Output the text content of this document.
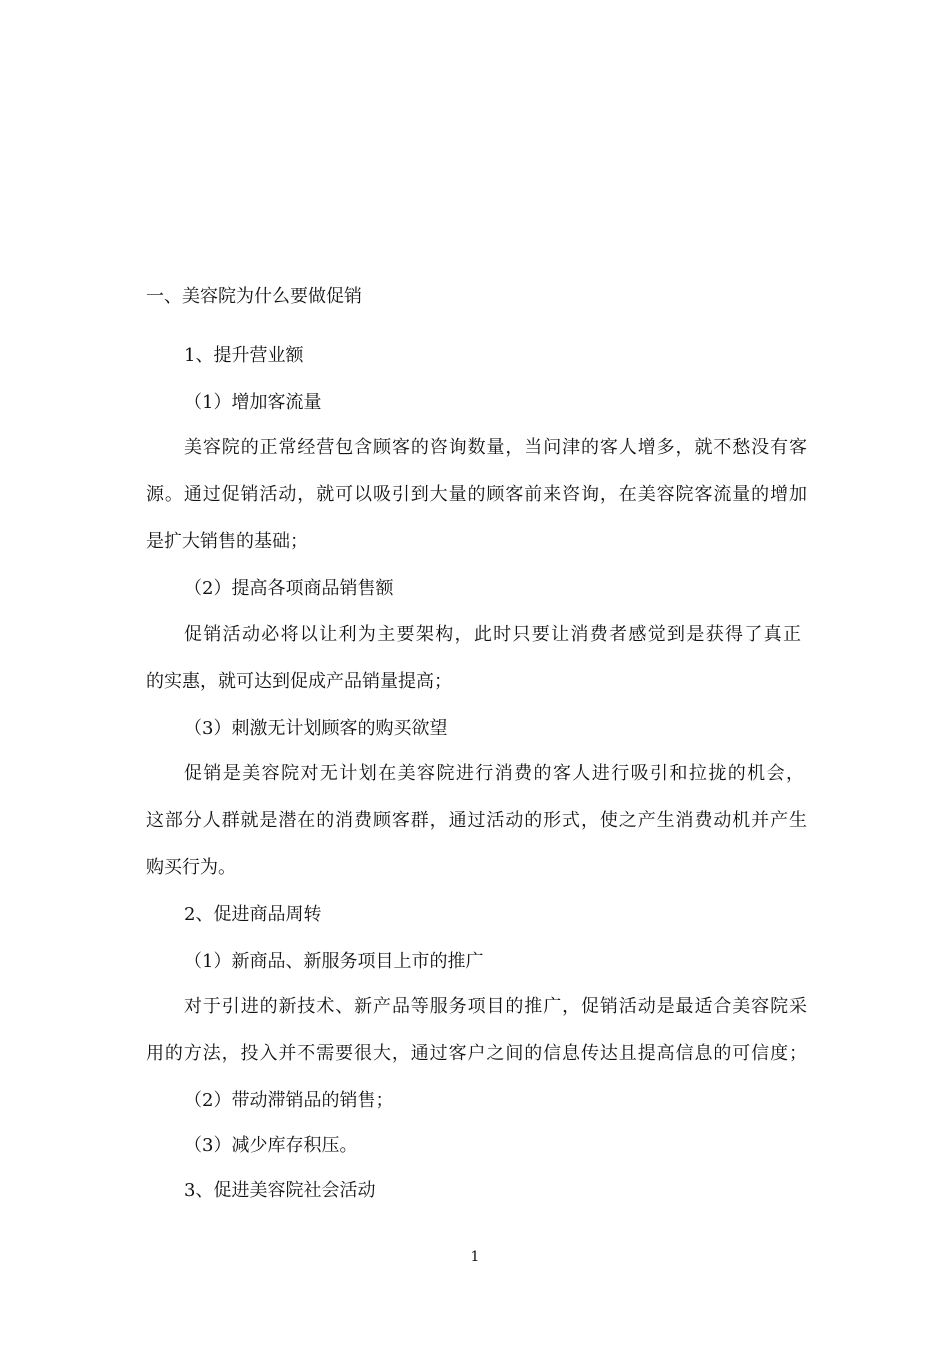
一、美容院为什么要做促销
1、提升营业额
（1）增加客流量
美容院的正常经营包含顾客的咨询数量，当问津的客人增多，就不愁没有客
源。通过促销活动，就可以吸引到大量的顾客前来咨询，在美容院客流量的增加
是扩大销售的基础；
（2）提高各项商品销售额
促销活动必将以让利为主要架构，此时只要让消费者感觉到是获得了真正
的实惠，就可达到促成产品销量提高；
（3）刺激无计划顾客的购买欲望
促销是美容院对无计划在美容院进行消费的客人进行吸引和拉拢的机会，
这部分人群就是潜在的消费顾客群，通过活动的形式，使之产生消费动机并产生
购买行为。
2、促进商品周转
（1）新商品、新服务项目上市的推广
对于引进的新技术、新产品等服务项目的推广，促销活动是最适合美容院采
用的方法，投入并不需要很大，通过客户之间的信息传达且提高信息的可信度；
（2）带动滞销品的销售；
（3）减少库存积压。
3、促进美容院社会活动
1
